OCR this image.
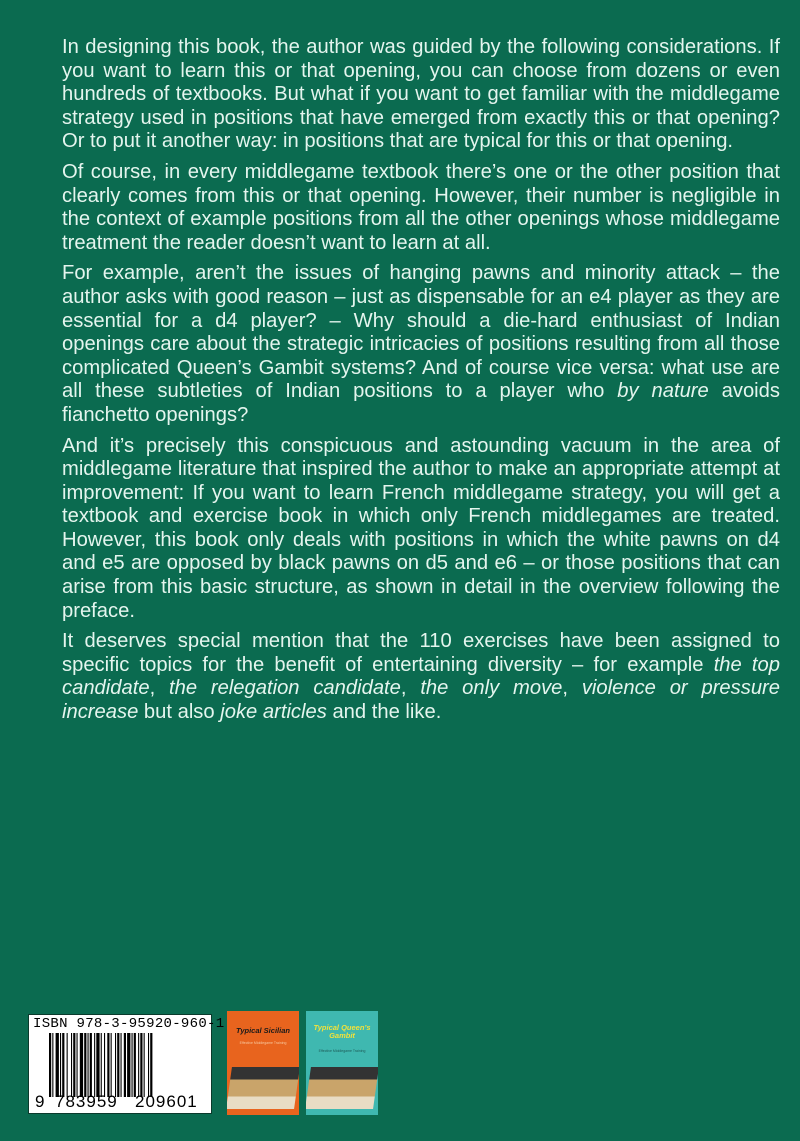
In designing this book, the author was guided by the following considerations. If you want to learn this or that opening, you can choose from dozens or even hundreds of textbooks. But what if you want to get familiar with the middlegame strategy used in positions that have emerged from exactly this or that opening? Or to put it another way: in positions that are typical for this or that opening.

Of course, in every middlegame textbook there’s one or the other position that clearly comes from this or that opening. However, their number is negligible in the context of example positions from all the other openings whose middlegame treatment the reader doesn’t want to learn at all.

For example, aren’t the issues of hanging pawns and minority attack – the author asks with good reason – just as dispensable for an e4 player as they are essential for a d4 player? – Why should a die-hard enthusiast of Indian openings care about the strategic intricacies of positions resulting from all those complicated Queen’s Gambit systems? And of course vice versa: what use are all these subtleties of Indian positions to a player who by nature avoids fianchetto openings?

And it’s precisely this conspicuous and astounding vacuum in the area of middlegame literature that inspired the author to make an appropriate attempt at improvement: If you want to learn French middlegame strategy, you will get a textbook and exercise book in which only French middlegames are treated. However, this book only deals with positions in which the white pawns on d4 and e5 are opposed by black pawns on d5 and e6 – or those positions that can arise from this basic structure, as shown in detail in the overview following the preface.

It deserves special mention that the 110 exercises have been assigned to specific topics for the benefit of entertaining diversity – for example the top candidate, the relegation candidate, the only move, violence or pressure increase but also joke articles and the like.

ISBN 978-3-95920-960-1
9 783959 209601
Typical Sicilian
Effective Middlegame Training
Typical Queen’s Gambit
Effective Middlegame Training
